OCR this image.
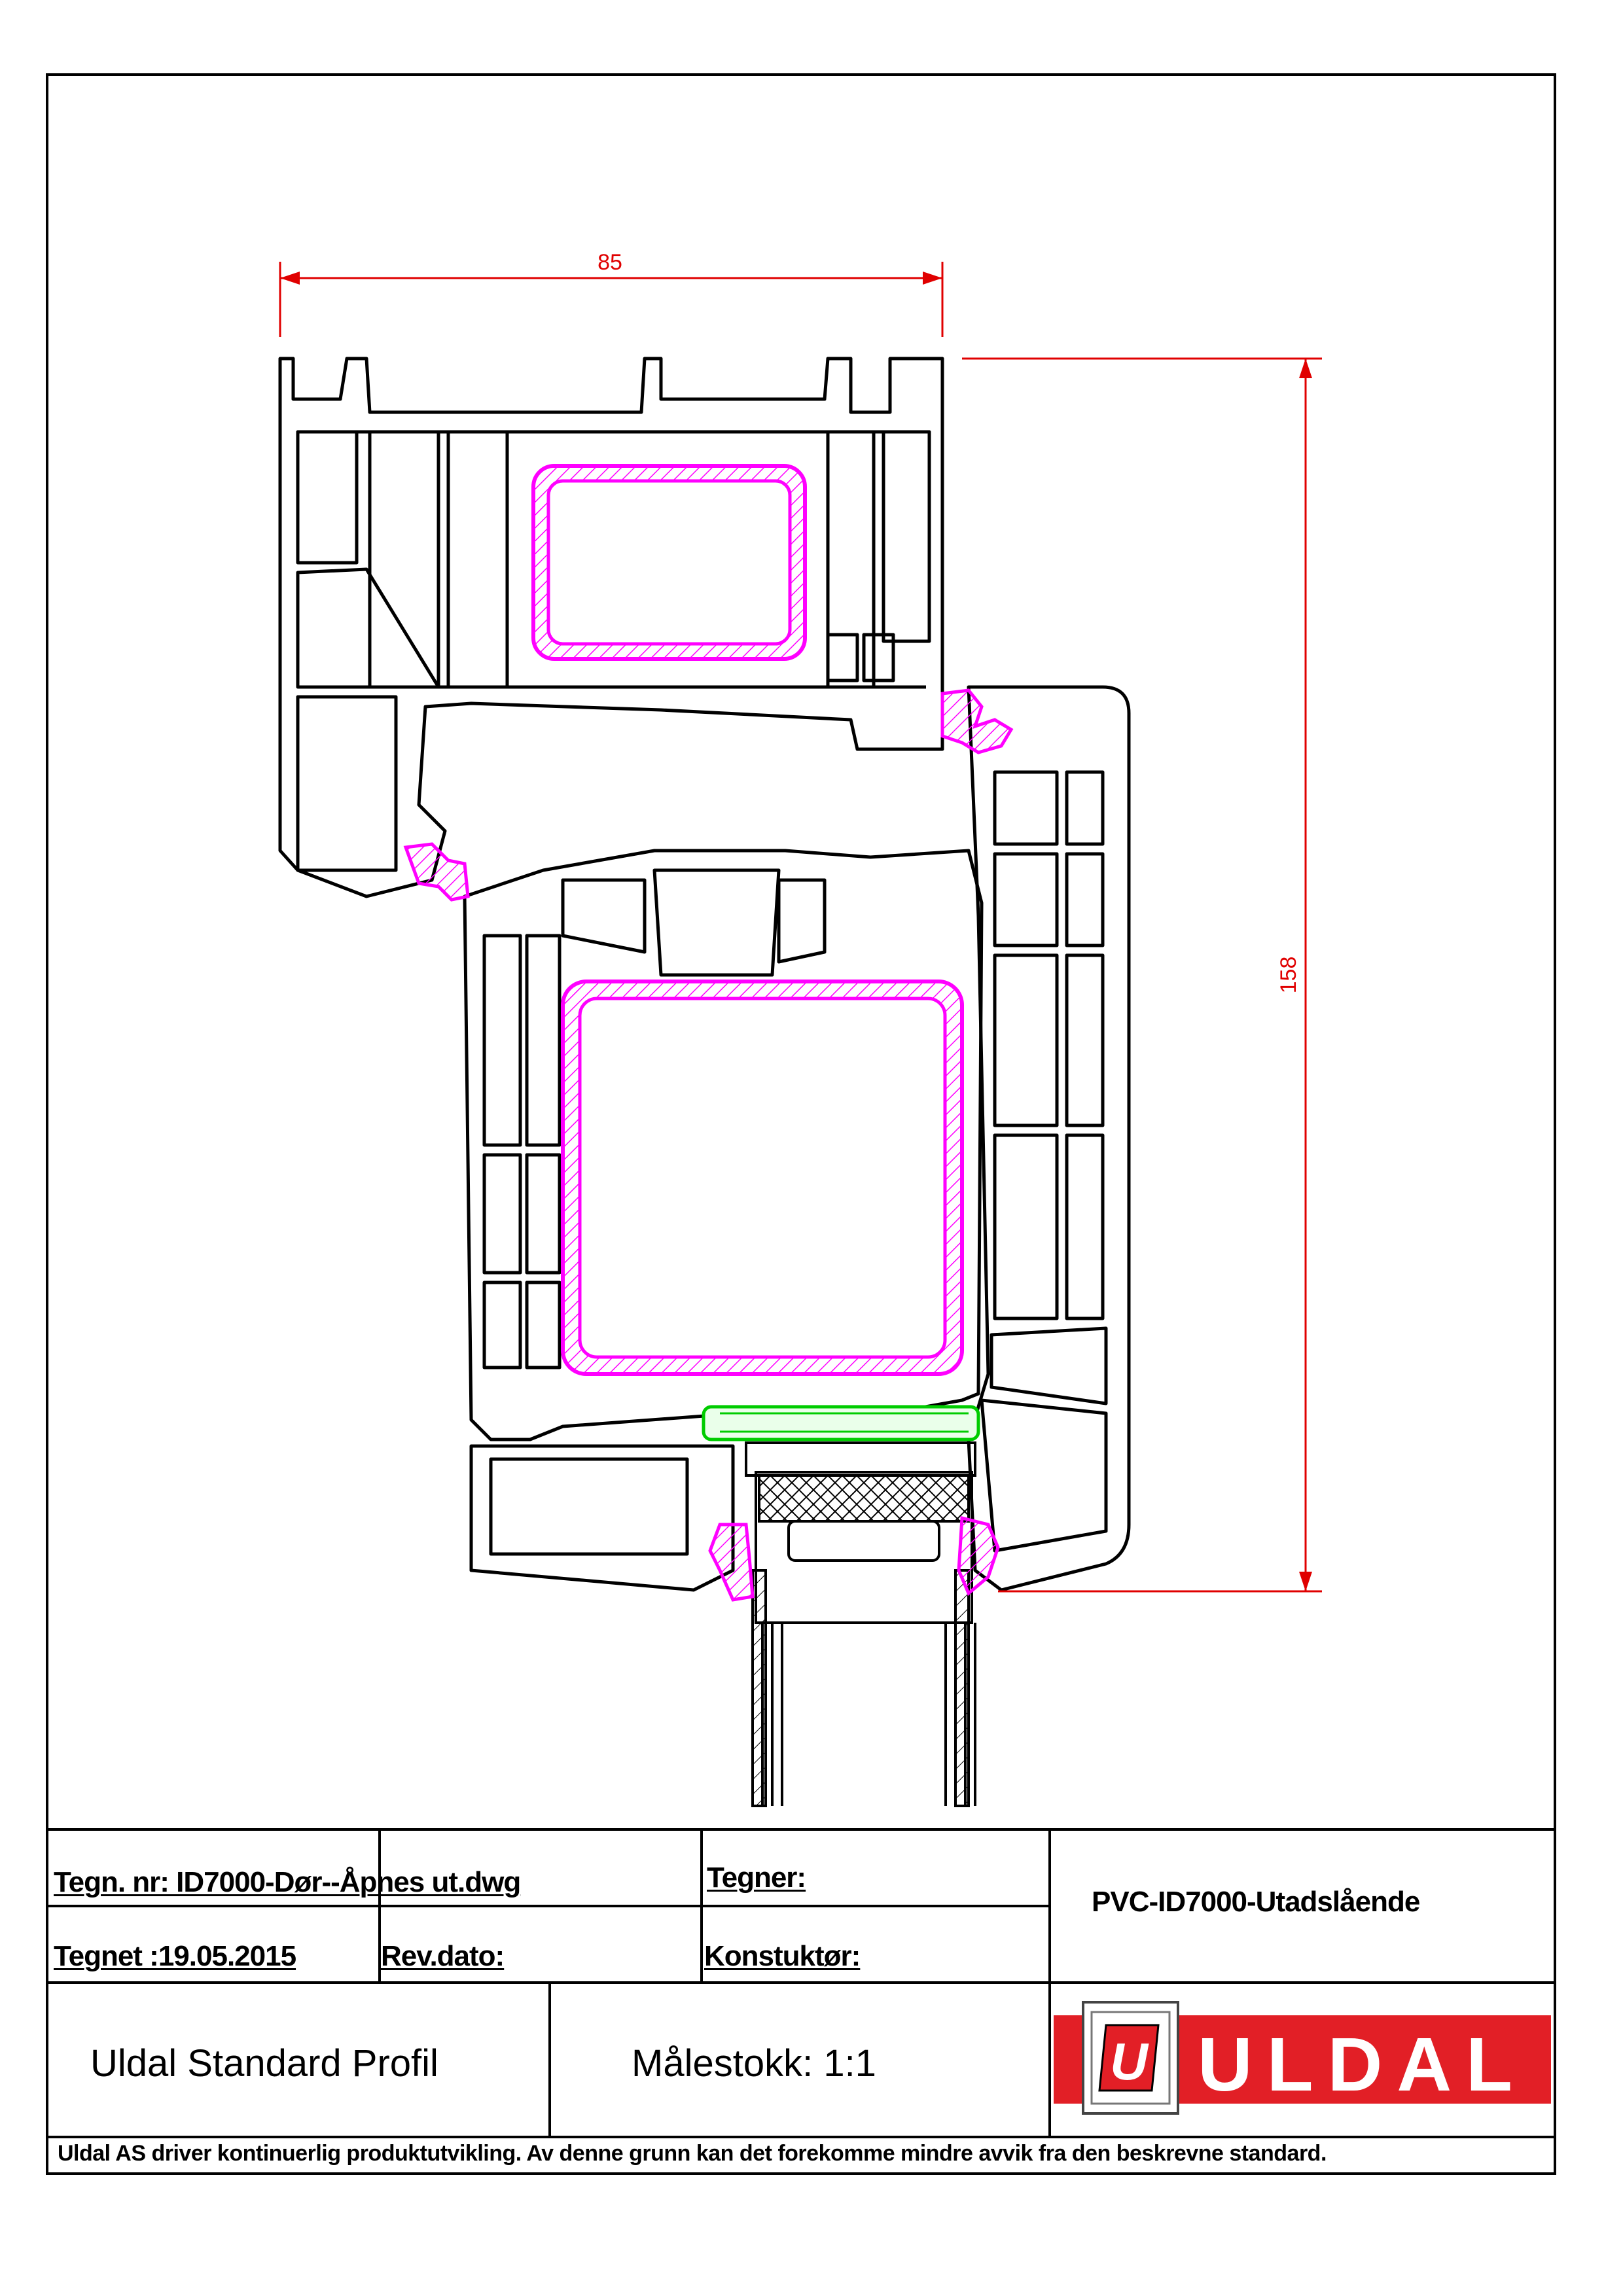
85
158
U
Tegn. nr: ID7000-Dør--Åpnes ut.dwg
Tegnet :19.05.2015	Rev.dato:
Tegner:
Konstuktør:
PVC-ID7000-Utadslående
Uldal Standard Profil	Målestokk: 1:1	ULDAL
Uldal AS driver kontinuerlig produktutvikling. Av denne grunn kan det forekomme mindre avvik fra den beskrevne standard.
